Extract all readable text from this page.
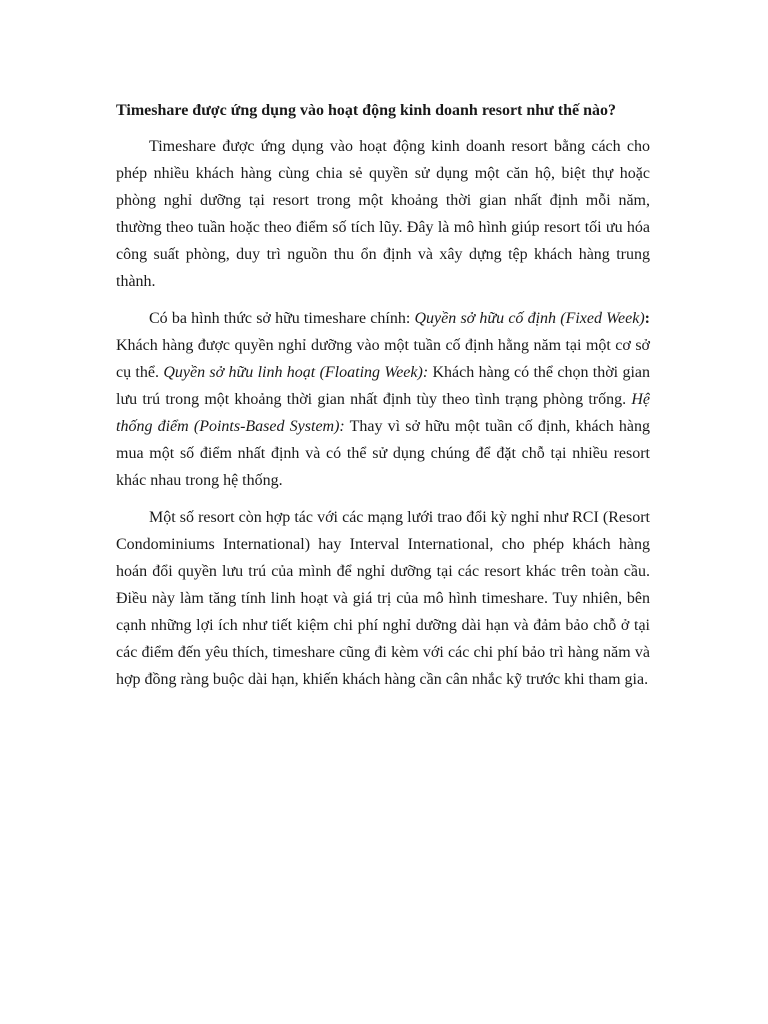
Timeshare được ứng dụng vào hoạt động kinh doanh resort như thế nào?

Timeshare được ứng dụng vào hoạt động kinh doanh resort bằng cách cho phép nhiều khách hàng cùng chia sẻ quyền sử dụng một căn hộ, biệt thự hoặc phòng nghỉ dưỡng tại resort trong một khoảng thời gian nhất định mỗi năm, thường theo tuần hoặc theo điểm số tích lũy. Đây là mô hình giúp resort tối ưu hóa công suất phòng, duy trì nguồn thu ổn định và xây dựng tệp khách hàng trung thành.

Có ba hình thức sở hữu timeshare chính: Quyền sở hữu cố định (Fixed Week): Khách hàng được quyền nghỉ dưỡng vào một tuần cố định hằng năm tại một cơ sở cụ thể. Quyền sở hữu linh hoạt (Floating Week): Khách hàng có thể chọn thời gian lưu trú trong một khoảng thời gian nhất định tùy theo tình trạng phòng trống. Hệ thống điểm (Points-Based System): Thay vì sở hữu một tuần cố định, khách hàng mua một số điểm nhất định và có thể sử dụng chúng để đặt chỗ tại nhiều resort khác nhau trong hệ thống.

Một số resort còn hợp tác với các mạng lưới trao đổi kỳ nghỉ như RCI (Resort Condominiums International) hay Interval International, cho phép khách hàng hoán đổi quyền lưu trú của mình để nghỉ dưỡng tại các resort khác trên toàn cầu. Điều này làm tăng tính linh hoạt và giá trị của mô hình timeshare. Tuy nhiên, bên cạnh những lợi ích như tiết kiệm chi phí nghỉ dưỡng dài hạn và đảm bảo chỗ ở tại các điểm đến yêu thích, timeshare cũng đi kèm với các chi phí bảo trì hàng năm và hợp đồng ràng buộc dài hạn, khiến khách hàng cần cân nhắc kỹ trước khi tham gia.
